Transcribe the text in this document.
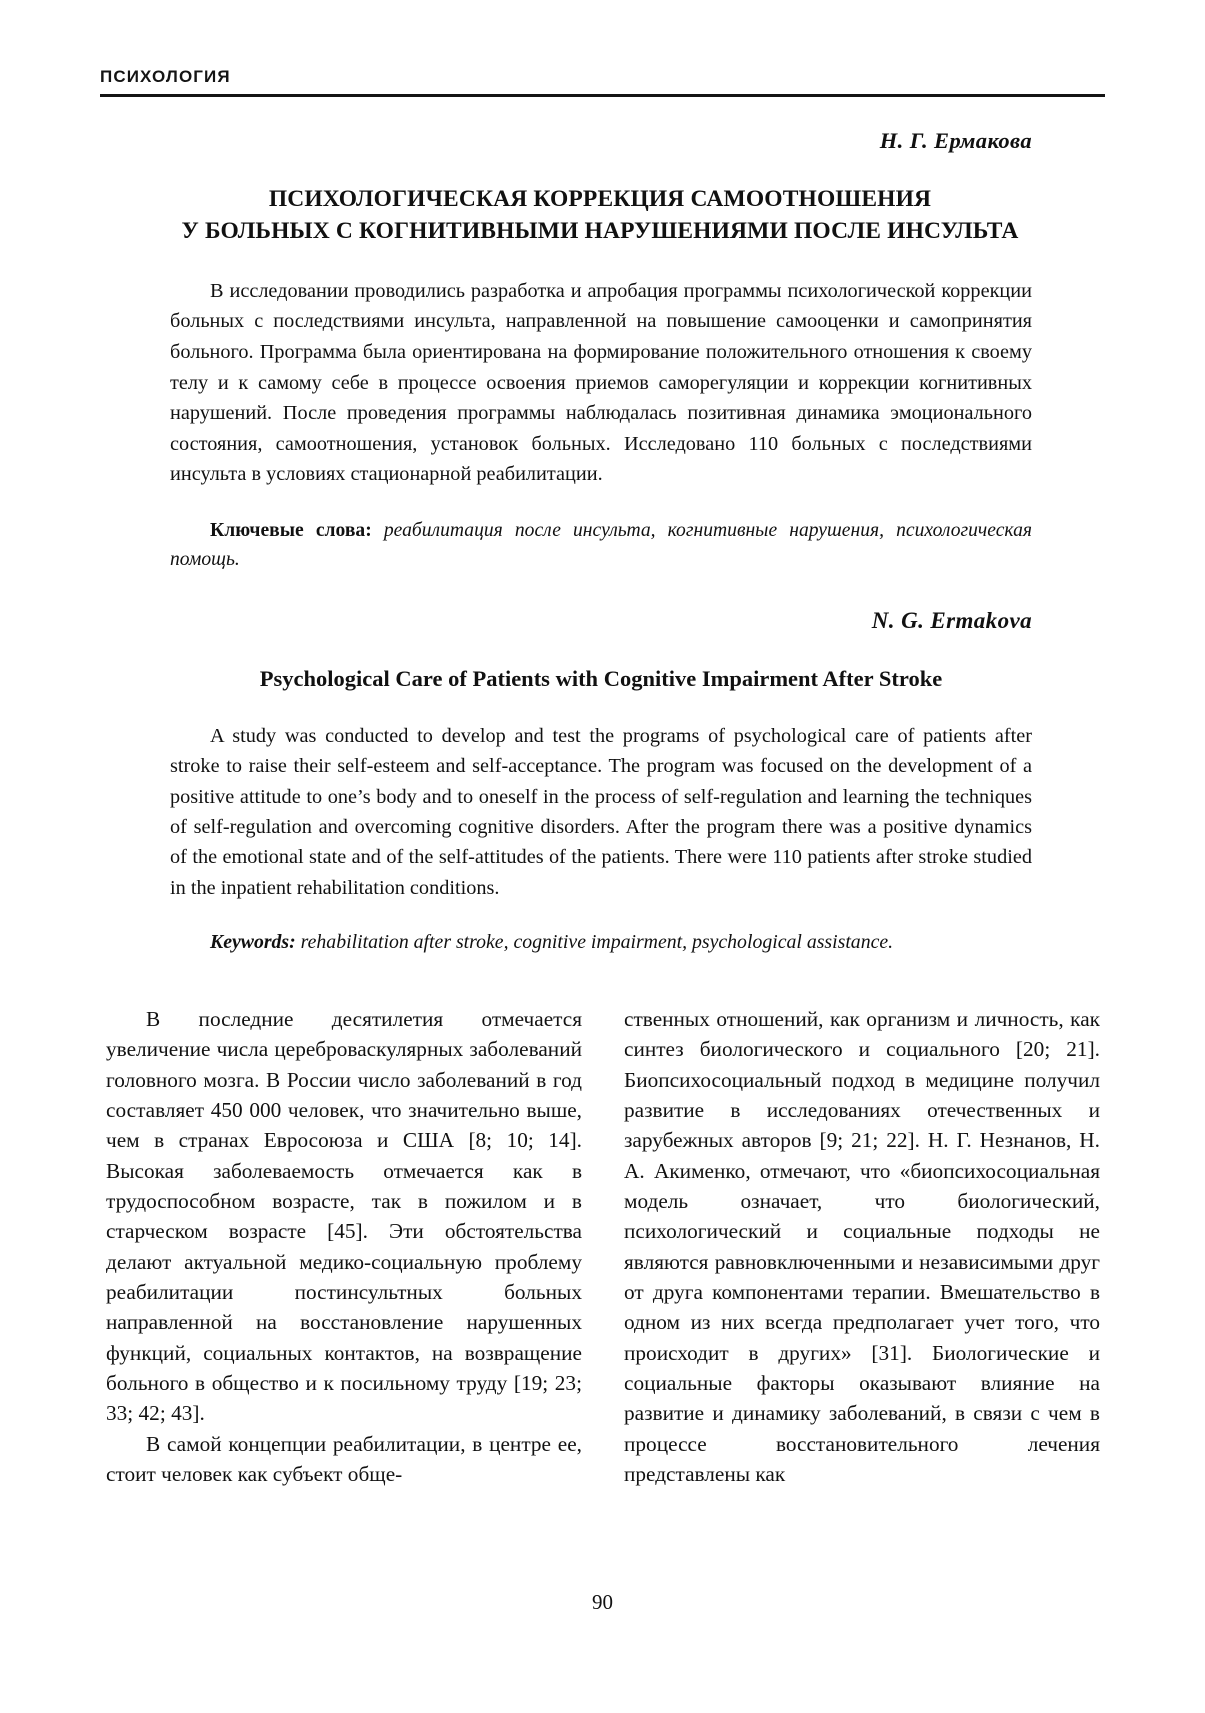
ПСИХОЛОГИЯ
Н. Г. Ермакова
ПСИХОЛОГИЧЕСКАЯ КОРРЕКЦИЯ САМООТНОШЕНИЯ
У БОЛЬНЫХ С КОГНИТИВНЫМИ НАРУШЕНИЯМИ ПОСЛЕ ИНСУЛЬТА
В исследовании проводились разработка и апробация программы психологической коррекции больных с последствиями инсульта, направленной на повышение самооценки и самопринятия больного. Программа была ориентирована на формирование положительного отношения к своему телу и к самому себе в процессе освоения приемов саморегуляции и коррекции когнитивных нарушений. После проведения программы наблюдалась позитивная динамика эмоционального состояния, самоотношения, установок больных. Исследовано 110 больных с последствиями инсульта в условиях стационарной реабилитации.
Ключевые слова: реабилитация после инсульта, когнитивные нарушения, психологическая помощь.
N. G. Ermakova
Psychological Care of Patients with Cognitive Impairment After Stroke
A study was conducted to develop and test the programs of psychological care of patients after stroke to raise their self-esteem and self-acceptance. The program was focused on the development of a positive attitude to one’s body and to oneself in the process of self-regulation and learning the techniques of self-regulation and overcoming cognitive disorders. After the program there was a positive dynamics of the emotional state and of the self-attitudes of the patients. There were 110 patients after stroke studied in the inpatient rehabilitation conditions.
Keywords: rehabilitation after stroke, cognitive impairment, psychological assistance.

В последние десятилетия отмечается увеличение числа цереброваскулярных заболеваний головного мозга. В России число заболеваний в год составляет 450 000 человек, что значительно выше, чем в странах Евросоюза и США [8; 10; 14]. Высокая заболеваемость отмечается как в трудоспособном возрасте, так в пожилом и в старческом возрасте [45]. Эти обстоятельства делают актуальной медико-социальную проблему реабилитации постинсультных больных направленной на восстановление нарушенных функций, социальных контактов, на возвращение больного в общество и к посильному труду [19; 23; 33; 42; 43].

В самой концепции реабилитации, в центре ее, стоит человек как субъект обще-

ственных отношений, как организм и личность, как синтез биологического и социального [20; 21]. Биопсихосоциальный подход в медицине получил развитие в исследованиях отечественных и зарубежных авторов [9; 21; 22]. Н. Г. Незнанов, Н. А. Акименко, отмечают, что «биопсихосоциальная модель означает, что биологический, психологический и социальные подходы не являются равновключенными и независимыми друг от друга компонентами терапии. Вмешательство в одном из них всегда предполагает учет того, что происходит в других» [31]. Биологические и социальные факторы оказывают влияние на развитие и динамику заболеваний, в связи с чем в процессе восстановительного лечения представлены как

90
